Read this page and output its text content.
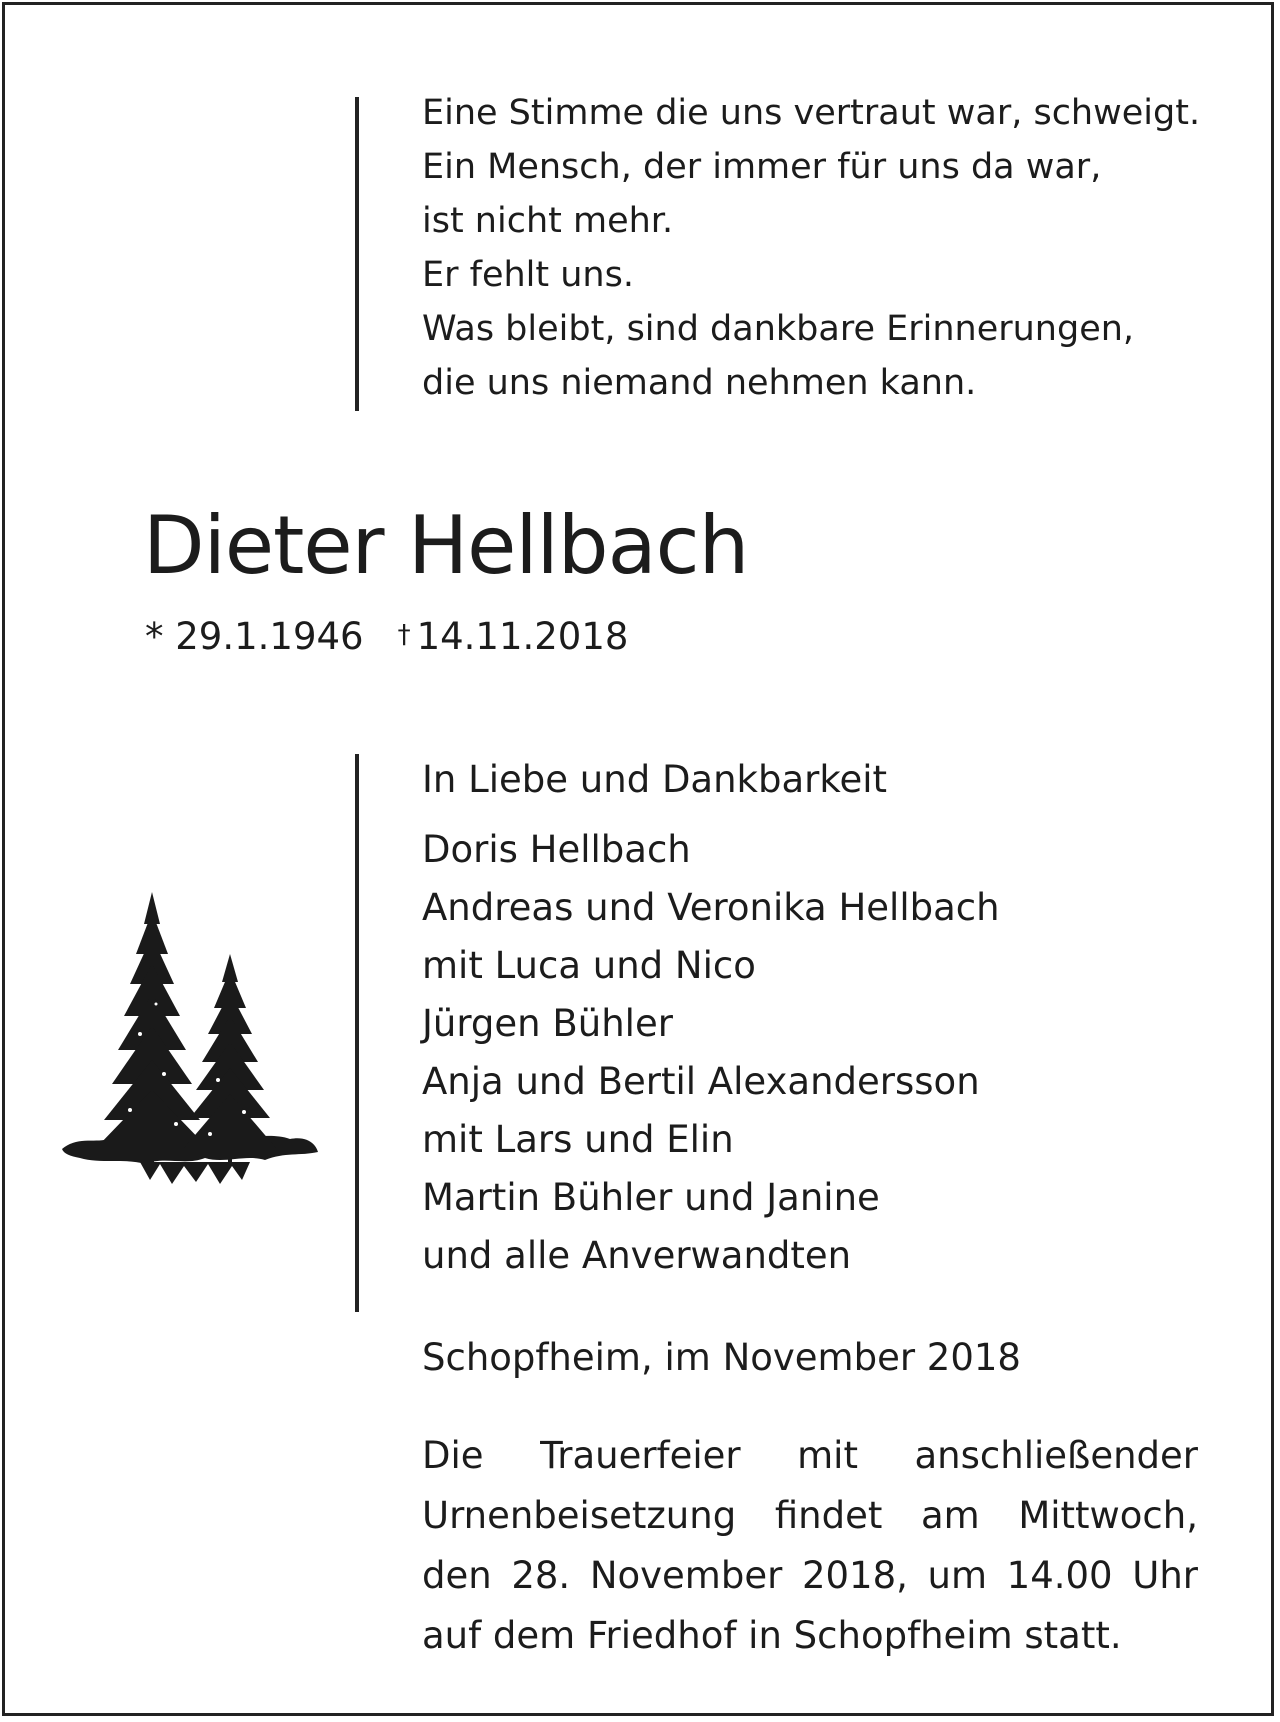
Eine Stimme die uns vertraut war, schweigt.
Ein Mensch, der immer für uns da war,
ist nicht mehr.
Er fehlt uns.
Was bleibt, sind dankbare Erinnerungen,
die uns niemand nehmen kann.
Dieter Hellbach
* 29.1.1946 † 14.11.2018
In Liebe und Dankbarkeit
Doris Hellbach
Andreas und Veronika Hellbach
mit Luca und Nico
Jürgen Bühler
Anja und Bertil Alexandersson
mit Lars und Elin
Martin Bühler und Janine
und alle Anverwandten
Schopfheim, im November 2018
Die Trauerfeier mit anschließender Urnenbeisetzung findet am Mittwoch, den 28. November 2018, um 14.00 Uhr auf dem Friedhof in Schopfheim statt.
